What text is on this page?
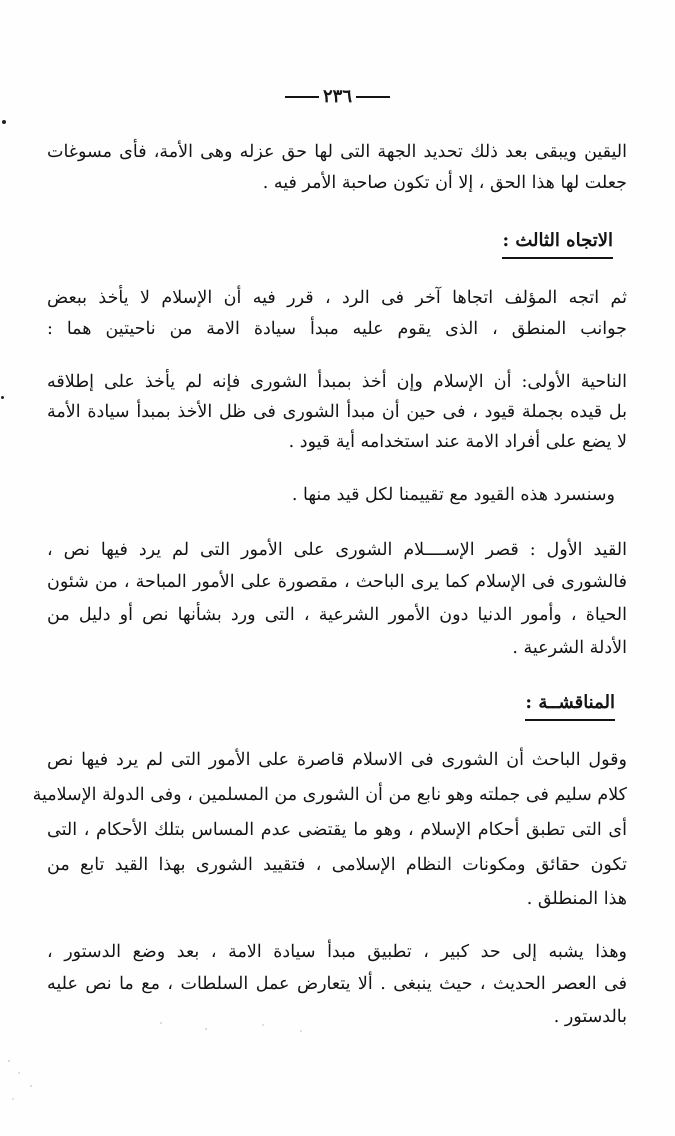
٢٣٦
اليقين ويبقى بعد ذلك تحديد الجهة التى لها حق عزله وهى الأمة، فأى مسوغات
جعلت لها هذا الحق ، إلا أن تكون صاحبة الأمر فيه .
الاتجاه الثالث :
ثم اتجه المؤلف اتجاها آخر فى الرد ، قرر فيه أن الإسلام لا يأخذ ببعض
جوانب المنطق ، الذى يقوم عليه مبدأ سيادة الامة من ناحيتين هما :
الناحية الأولى: أن الإسلام وإن أخذ بمبدأ الشورى فإنه لم يأخذ على إطلاقه
بل قيده بجملة قيود ، فى حين أن مبدأ الشورى فى ظل الأخذ بمبدأ سيادة الأمة
لا يضع على أفراد الامة عند استخدامه أية قيود .
وسنسرد هذه القيود مع تقييمنا لكل قيد منها .
القيد الأول : قصر الإســــلام الشورى على الأمور التى لم يرد فيها نص ،
فالشورى فى الإسلام كما يرى الباحث ، مقصورة على الأمور المباحة ، من شئون
الحياة ، وأمور الدنيا دون الأمور الشرعية ، التى ورد بشأنها نص أو دليل من
الأدلة الشرعية .
المناقشــة :
وقول الباحث أن الشورى فى الاسلام قاصرة على الأمور التى لم يرد فيها نص
كلام سليم فى جملته وهو نابع من أن الشورى من المسلمين ، وفى الدولة الإسلامية
أى التى تطبق أحكام الإسلام ، وهو ما يقتضى عدم المساس بتلك الأحكام ، التى
تكون حقائق ومكونات النظام الإسلامى ، فتقييد الشورى بهذا القيد تابع من
هذا المنطلق .
وهذا يشبه إلى حد كبير ، تطبيق مبدأ سيادة الامة ، بعد وضع الدستور ،
فى العصر الحديث ، حيث ينبغى . ألا يتعارض عمل السلطات ، مع ما نص عليه
بالدستور .
